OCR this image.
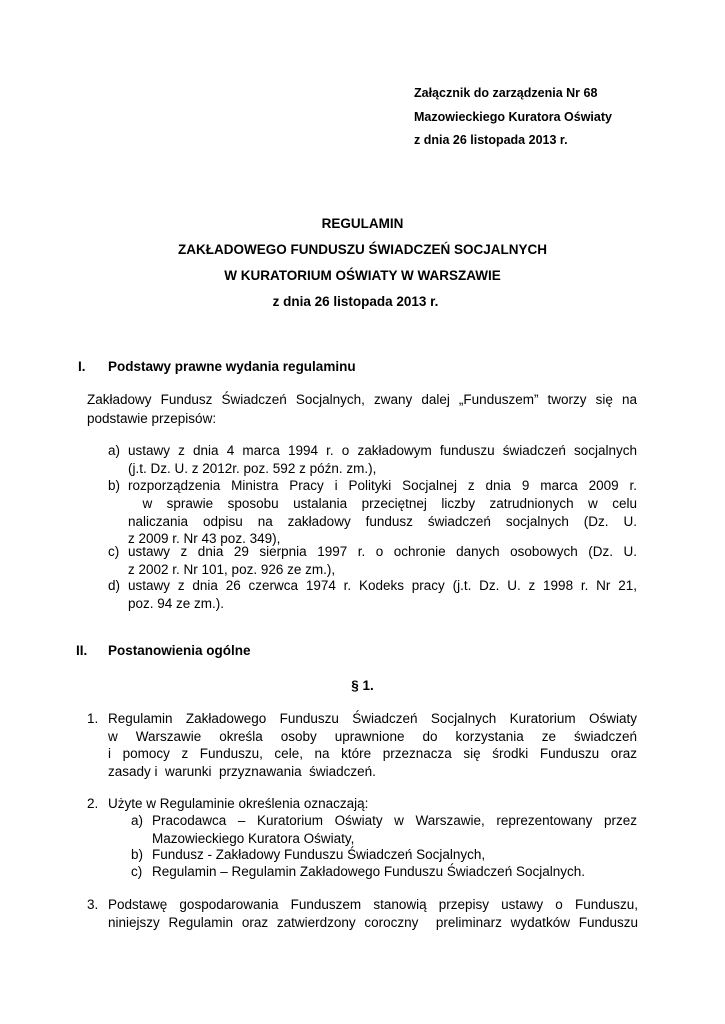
Załącznik do zarządzenia Nr 68
Mazowieckiego Kuratora Oświaty
z dnia 26 listopada 2013 r.
REGULAMIN
ZAKŁADOWEGO FUNDUSZU ŚWIADCZEŃ SOCJALNYCH
W KURATORIUM OŚWIATY W WARSZAWIE
z dnia 26 listopada 2013 r.
I. Podstawy prawne wydania regulaminu
Zakładowy Fundusz Świadczeń Socjalnych, zwany dalej „Funduszem” tworzy się na
podstawie przepisów:
a) ustawy z dnia 4 marca 1994 r. o zakładowym funduszu świadczeń socjalnych
(j.t. Dz. U. z 2012r. poz. 592 z późn. zm.),
b) rozporządzenia Ministra Pracy i Polityki Socjalnej z dnia 9 marca 2009 r.
w sprawie sposobu ustalania przeciętnej liczby zatrudnionych w celu
naliczania odpisu na zakładowy fundusz świadczeń socjalnych (Dz. U.
z 2009 r. Nr 43 poz. 349),
c) ustawy z dnia 29 sierpnia 1997 r. o ochronie danych osobowych (Dz. U.
z 2002 r. Nr 101, poz. 926 ze zm.),
d) ustawy z dnia 26 czerwca 1974 r. Kodeks pracy (j.t. Dz. U. z 1998 r. Nr 21,
poz. 94 ze zm.).
II. Postanowienia ogólne
§ 1.
1. Regulamin Zakładowego Funduszu Świadczeń Socjalnych Kuratorium Oświaty
w Warszawie określa osoby uprawnione do korzystania ze świadczeń
i pomocy z Funduszu, cele, na które przeznacza się środki Funduszu oraz
zasady i  warunki  przyznawania  świadczeń.
2. Użyte w Regulaminie określenia oznaczają:
a) Pracodawca – Kuratorium Oświaty w Warszawie, reprezentowany przez
Mazowieckiego Kuratora Oświaty,
b) Fundusz - Zakładowy Funduszu Świadczeń Socjalnych,
c) Regulamin – Regulamin Zakładowego Funduszu Świadczeń Socjalnych.
3. Podstawę gospodarowania Funduszem stanowią przepisy ustawy o Funduszu,
niniejszy Regulamin oraz zatwierdzony coroczny  preliminarz wydatków Funduszu
